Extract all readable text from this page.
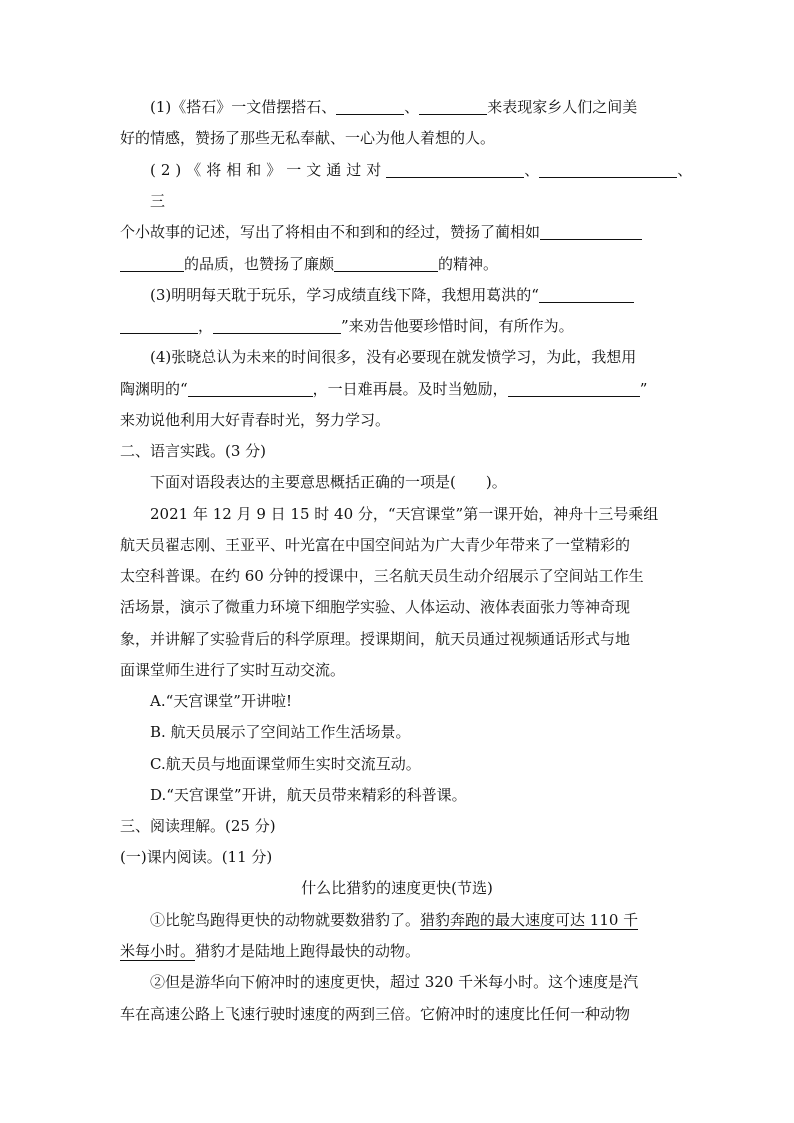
(1)《搭石》一文借摆搭石、	、	来表现家乡人们之间美
好的情感，赞扬了那些无私奉献、一心为他人着想的人。
(2)《将相和》一文通过对	、	、
三
个小故事的记述，写出了将相由不和到和的经过，赞扬了蔺相如
的品质，也赞扬了廉颇	的精神。
(3)明明每天耽于玩乐，学习成绩直线下降，我想用葛洪的“
，	”来劝告他要珍惜时间，有所作为。
(4)张晓总认为未来的时间很多，没有必要现在就发愤学习，为此，我想用
陶渊明的“	，一日难再晨。及时当勉励，	”
来劝说他利用大好青春时光，努力学习。
二、语言实践。(3 分)
下面对语段表达的主要意思概括正确的一项是(　　)。
2021 年 12 月 9 日 15 时 40 分，“天宫课堂”第一课开始，神舟十三号乘组
航天员翟志刚、王亚平、叶光富在中国空间站为广大青少年带来了一堂精彩的
太空科普课。在约 60 分钟的授课中，三名航天员生动介绍展示了空间站工作生
活场景，演示了微重力环境下细胞学实验、人体运动、液体表面张力等神奇现
象，并讲解了实验背后的科学原理。授课期间，航天员通过视频通话形式与地
面课堂师生进行了实时互动交流。
A.“天宫课堂”开讲啦!
B. 航天员展示了空间站工作生活场景。
C.航天员与地面课堂师生实时交流互动。
D.“天宫课堂”开讲，航天员带来精彩的科普课。
三、阅读理解。(25 分)
(一)课内阅读。(11 分)
什么比猎豹的速度更快(节选)
①比鸵鸟跑得更快的动物就要数猎豹了。猎豹奔跑的最大速度可达 110 千
米每小时。猎豹才是陆地上跑得最快的动物。
②但是游华向下俯冲时的速度更快，超过 320 千米每小时。这个速度是汽
车在高速公路上飞速行驶时速度的两到三倍。它俯冲时的速度比任何一种动物
